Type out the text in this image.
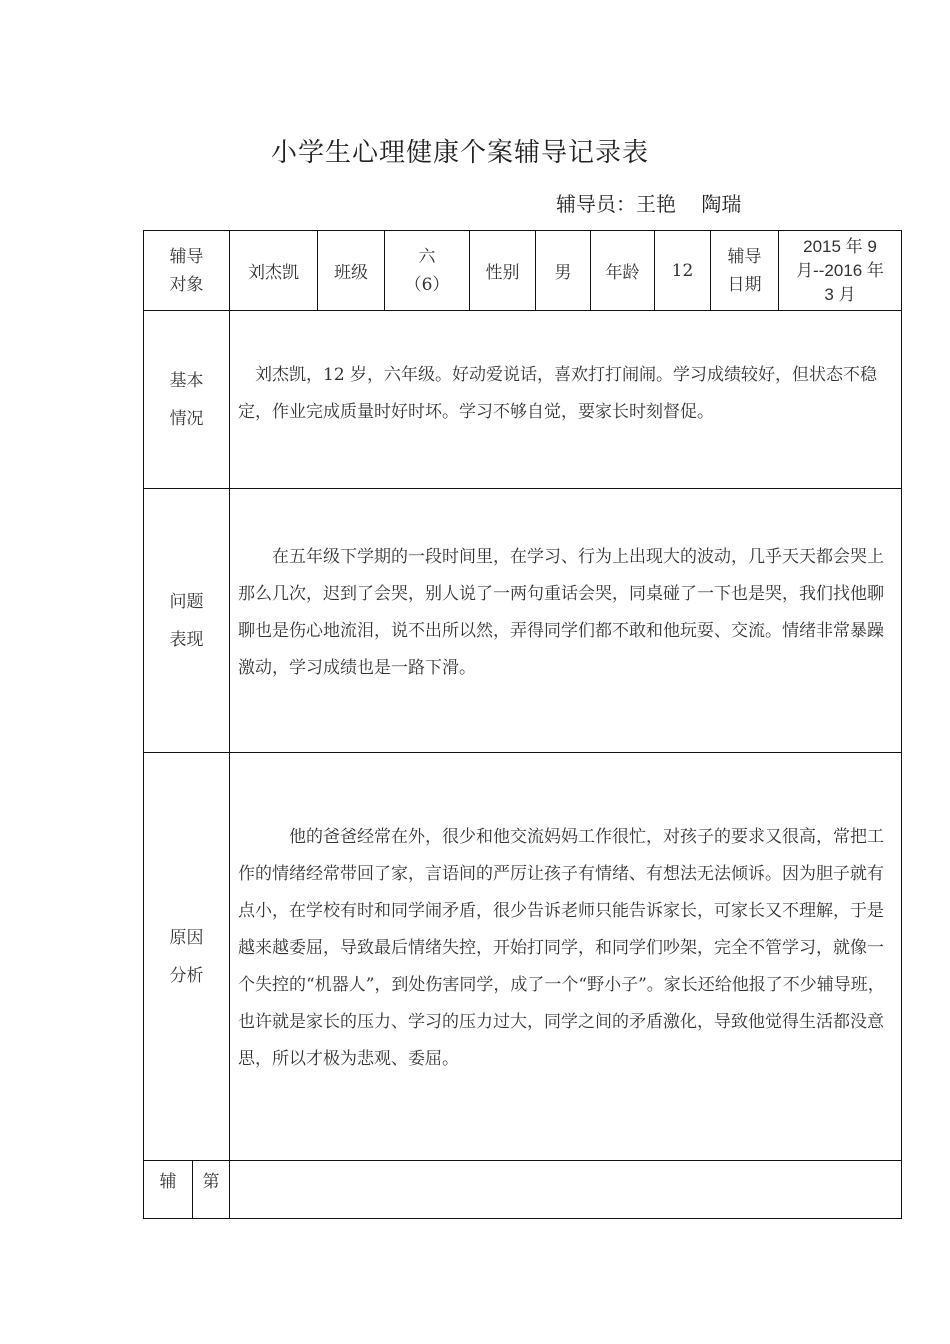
小学生心理健康个案辅导记录表
辅导员：王艳    陶瑞
辅导对象		刘杰凯	班级	六（6）	性别	男	年龄	12	辅导日期	2015 年 9 月--2016 年 3 月

基本情况		刘杰凯，12 岁，六年级。好动爱说话，喜欢打打闹闹。学习成绩较好，但状态不稳定，作业完成质量时好时坏。学习不够自觉，要家长时刻督促。								

问题表现		在五年级下学期的一段时间里，在学习、行为上出现大的波动，几乎天天都会哭上那么几次，迟到了会哭，别人说了一两句重话会哭，同桌碰了一下也是哭，我们找他聊聊也是伤心地流泪，说不出所以然，弄得同学们都不敢和他玩耍、交流。情绪非常暴躁激动，学习成绩也是一路下滑。								

原因分析		他的爸爸经常在外，很少和他交流妈妈工作很忙，对孩子的要求又很高，常把工作的情绪经常带回了家，言语间的严厉让孩子有情绪、有想法无法倾诉。因为胆子就有点小，在学校有时和同学闹矛盾，很少告诉老师只能告诉家长，可家长又不理解，于是越来越委屈，导致最后情绪失控，开始打同学，和同学们吵架，完全不管学习，就像一个失控的“机器人”，到处伤害同学，成了一个“野小子”。家长还给他报了不少辅导班，也许就是家长的压力、学习的压力过大，同学之间的矛盾激化，导致他觉得生活都没意思，所以才极为悲观、委屈。								

辅	第									
